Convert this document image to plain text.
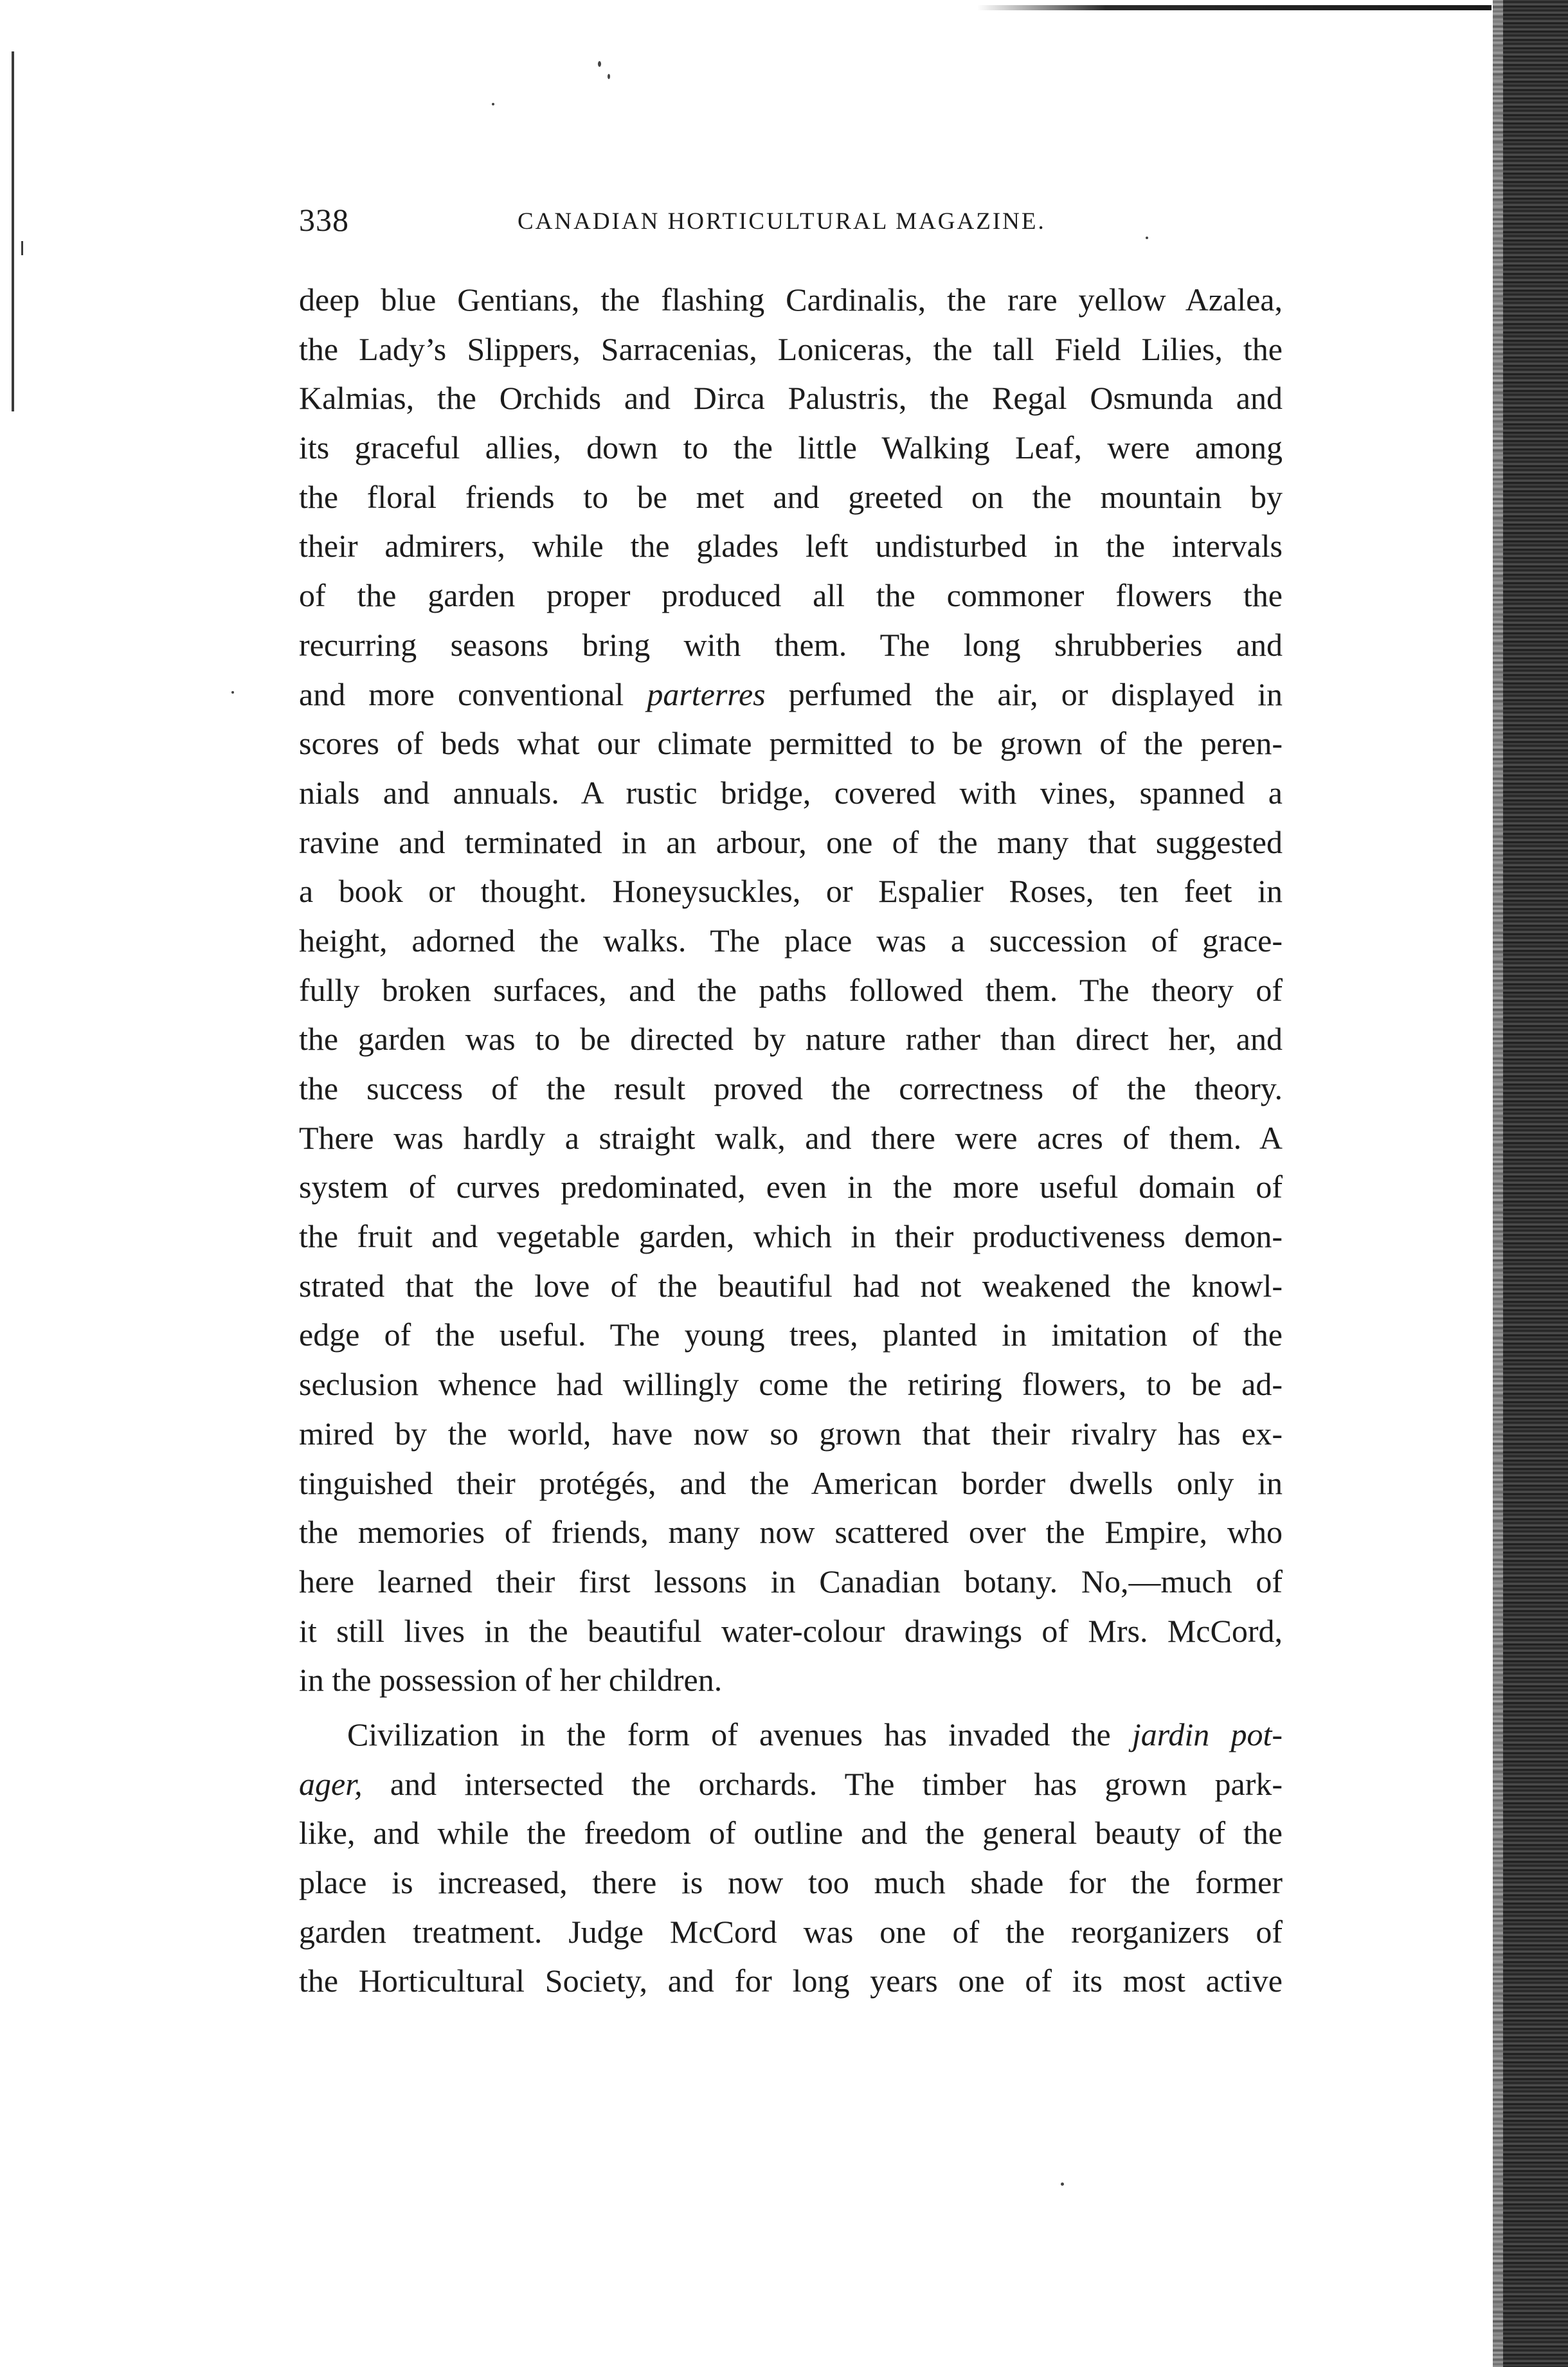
338	CANADIAN HORTICULTURAL MAGAZINE.
deep blue Gentians, the flashing Cardinalis, the rare yellow Azalea,
the Lady’s Slippers, Sarracenias, Loniceras, the tall Field Lilies, the
Kalmias, the Orchids and Dirca Palustris, the Regal Osmunda and
its graceful allies, down to the little Walking Leaf, were among
the floral friends to be met and greeted on the mountain by
their admirers, while the glades left undisturbed in the intervals
of the garden proper produced all the commoner flowers the
recurring seasons bring with them. The long shrubberies and
and more conventional parterres perfumed the air, or displayed in
scores of beds what our climate permitted to be grown of the peren-
nials and annuals. A rustic bridge, covered with vines, spanned a
ravine and terminated in an arbour, one of the many that suggested
a book or thought. Honeysuckles, or Espalier Roses, ten feet in
height, adorned the walks. The place was a succession of grace-
fully broken surfaces, and the paths followed them. The theory of
the garden was to be directed by nature rather than direct her, and
the success of the result proved the correctness of the theory.
There was hardly a straight walk, and there were acres of them. A
system of curves predominated, even in the more useful domain of
the fruit and vegetable garden, which in their productiveness demon-
strated that the love of the beautiful had not weakened the knowl-
edge of the useful. The young trees, planted in imitation of the
seclusion whence had willingly come the retiring flowers, to be ad-
mired by the world, have now so grown that their rivalry has ex-
tinguished their protégés, and the American border dwells only in
the memories of friends, many now scattered over the Empire, who
here learned their first lessons in Canadian botany. No,—much of
it still lives in the beautiful water-colour drawings of Mrs. McCord,
in the possession of her children.
Civilization in the form of avenues has invaded the jardin pot-
ager, and intersected the orchards. The timber has grown park-
like, and while the freedom of outline and the general beauty of the
place is increased, there is now too much shade for the former
garden treatment. Judge McCord was one of the reorganizers of
the Horticultural Society, and for long years one of its most active
